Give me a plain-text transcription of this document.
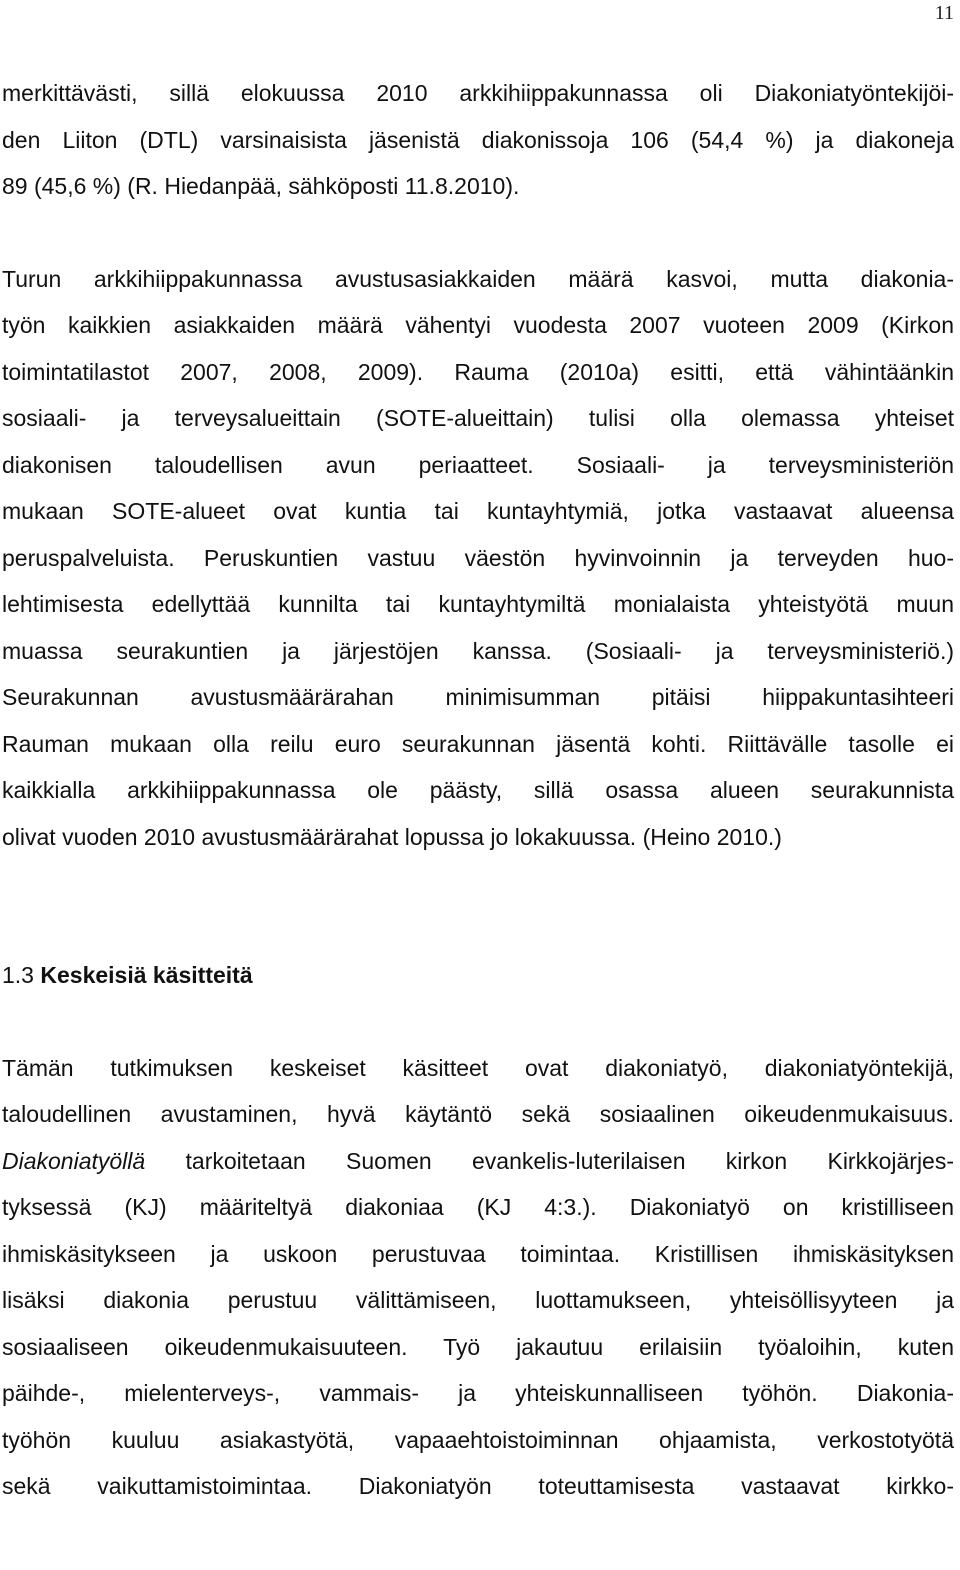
11

merkittävästi, sillä elokuussa 2010 arkkihiippakunnassa oli Diakoniatyöntekijöi-
den Liiton (DTL) varsinaisista jäsenistä diakonissoja 106 (54,4 %) ja diakoneja
89 (45,6 %) (R. Hiedanpää, sähköposti 11.8.2010).

Turun arkkihiippakunnassa avustusasiakkaiden määrä kasvoi, mutta diakonia-
työn kaikkien asiakkaiden määrä vähentyi vuodesta 2007 vuoteen 2009 (Kirkon
toimintatilastot 2007, 2008, 2009). Rauma (2010a) esitti, että vähintäänkin
sosiaali- ja terveysalueittain (SOTE-alueittain) tulisi olla olemassa yhteiset
diakonisen taloudellisen avun periaatteet. Sosiaali- ja terveysministeriön
mukaan SOTE-alueet ovat kuntia tai kuntayhtymiä, jotka vastaavat alueensa
peruspalveluista. Peruskuntien vastuu väestön hyvinvoinnin ja terveyden huo-
lehtimisesta edellyttää kunnilta tai kuntayhtymiltä monialaista yhteistyötä muun
muassa seurakuntien ja järjestöjen kanssa. (Sosiaali- ja terveysministeriö.)
Seurakunnan avustusmäärärahan minimisumman pitäisi hiippakuntasihteeri
Rauman mukaan olla reilu euro seurakunnan jäsentä kohti. Riittävälle tasolle ei
kaikkialla arkkihiippakunnassa ole päästy, sillä osassa alueen seurakunnista
olivat vuoden 2010 avustusmäärärahat lopussa jo lokakuussa. (Heino 2010.)

1.3 Keskeisiä käsitteitä

Tämän tutkimuksen keskeiset käsitteet ovat diakoniatyö, diakoniatyöntekijä,
taloudellinen avustaminen, hyvä käytäntö sekä sosiaalinen oikeudenmukaisuus.
Diakoniatyöllä tarkoitetaan Suomen evankelis-luterilaisen kirkon Kirkkojärjes-
tyksessä (KJ) määriteltyä diakoniaa (KJ 4:3.). Diakoniatyö on kristilliseen
ihmiskäsitykseen ja uskoon perustuvaa toimintaa. Kristillisen ihmiskäsityksen
lisäksi diakonia perustuu välittämiseen, luottamukseen, yhteisöllisyyteen ja
sosiaaliseen oikeudenmukaisuuteen. Työ jakautuu erilaisiin työaloihin, kuten
päihde-, mielenterveys-, vammais- ja yhteiskunnalliseen työhön. Diakonia-
työhön kuuluu asiakastyötä, vapaaehtoistoiminnan ohjaamista, verkostotyötä
sekä vaikuttamistoimintaa. Diakoniatyön toteuttamisesta vastaavat kirkko-
